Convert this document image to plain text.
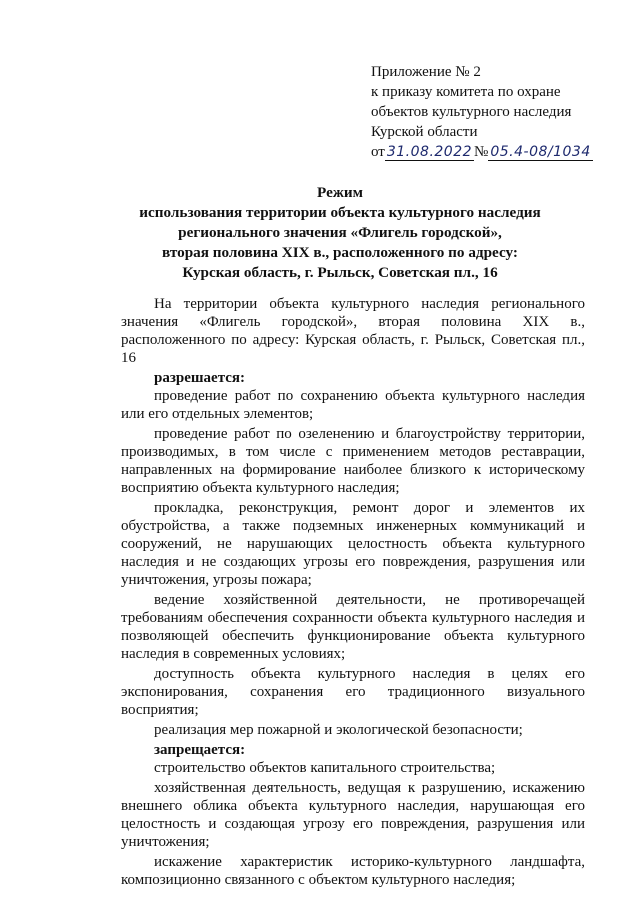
Приложение № 2
к приказу комитета по охране
объектов культурного наследия
Курской области
от 31.08.2022 № 05.4-08/1034
Режим
использования территории объекта культурного наследия
регионального значения «Флигель городской»,
вторая половина XIX в., расположенного по адресу:
Курская область, г. Рыльск, Советская пл., 16

На территории объекта культурного наследия регионального значения «Флигель городской», вторая половина XIX в., расположенного по адресу: Курская область, г. Рыльск, Советская пл., 16

разрешается:

проведение работ по сохранению объекта культурного наследия или его отдельных элементов;

проведение работ по озеленению и благоустройству территории, производимых, в том числе с применением методов реставрации, направленных на формирование наиболее близкого к историческому восприятию объекта культурного наследия;

прокладка, реконструкция, ремонт дорог и элементов их обустройства, а также подземных инженерных коммуникаций и сооружений, не нарушающих целостность объекта культурного наследия и не создающих угрозы его повреждения, разрушения или уничтожения, угрозы пожара;

ведение хозяйственной деятельности, не противоречащей требованиям обеспечения сохранности объекта культурного наследия и позволяющей обеспечить функционирование объекта культурного наследия в современных условиях;

доступность объекта культурного наследия в целях его экспонирования, сохранения его традиционного визуального восприятия;

реализация мер пожарной и экологической безопасности;

запрещается:

строительство объектов капитального строительства;

хозяйственная деятельность, ведущая к разрушению, искажению внешнего облика объекта культурного наследия, нарушающая его целостность и создающая угрозу его повреждения, разрушения или уничтожения;

искажение характеристик историко-культурного ландшафта, композиционно связанного с объектом культурного наследия;
